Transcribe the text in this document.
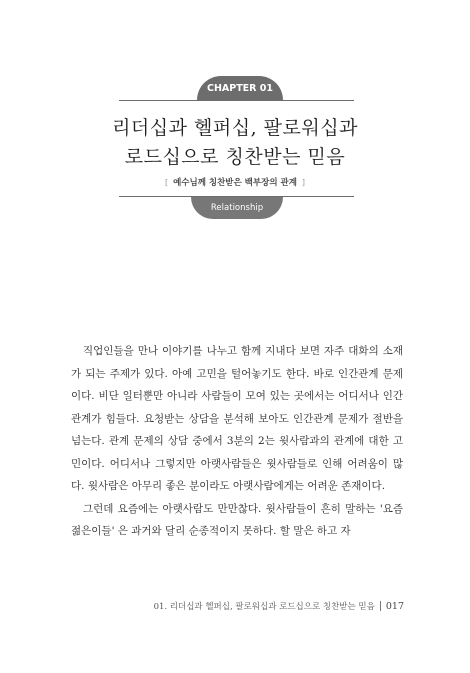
CHAPTER 01
리더십과 헬퍼십, 팔로워십과
로드십으로 칭찬받는 믿음
[ 예수님께 칭찬받은 백부장의 관계 ]
Relationship

직업인들을 만나 이야기를 나누고 함께 지내다 보면 자주 대화의 소재가 되는 주제가 있다. 아예 고민을 털어놓기도 한다. 바로 인간관계 문제이다. 비단 일터뿐만 아니라 사람들이 모여 있는 곳에서는 어디서나 인간관계가 힘들다. 요청받는 상담을 분석해 보아도 인간관계 문제가 절반을 넘는다. 관계 문제의 상담 중에서 3분의 2는 윗사람과의 관계에 대한 고민이다. 어디서나 그렇지만 아랫사람들은 윗사람들로 인해 어려움이 많다. 윗사람은 아무리 좋은 분이라도 아랫사람에게는 어려운 존재이다.

그런데 요즘에는 아랫사람도 만만찮다. 윗사람들이 흔히 말하는 '요즘 젊은이들' 은 과거와 달리 순종적이지 못하다. 할 말은 하고 자

01. 리더십과 헬퍼십, 팔로워십과 로드십으로 칭찬받는 믿음 017
